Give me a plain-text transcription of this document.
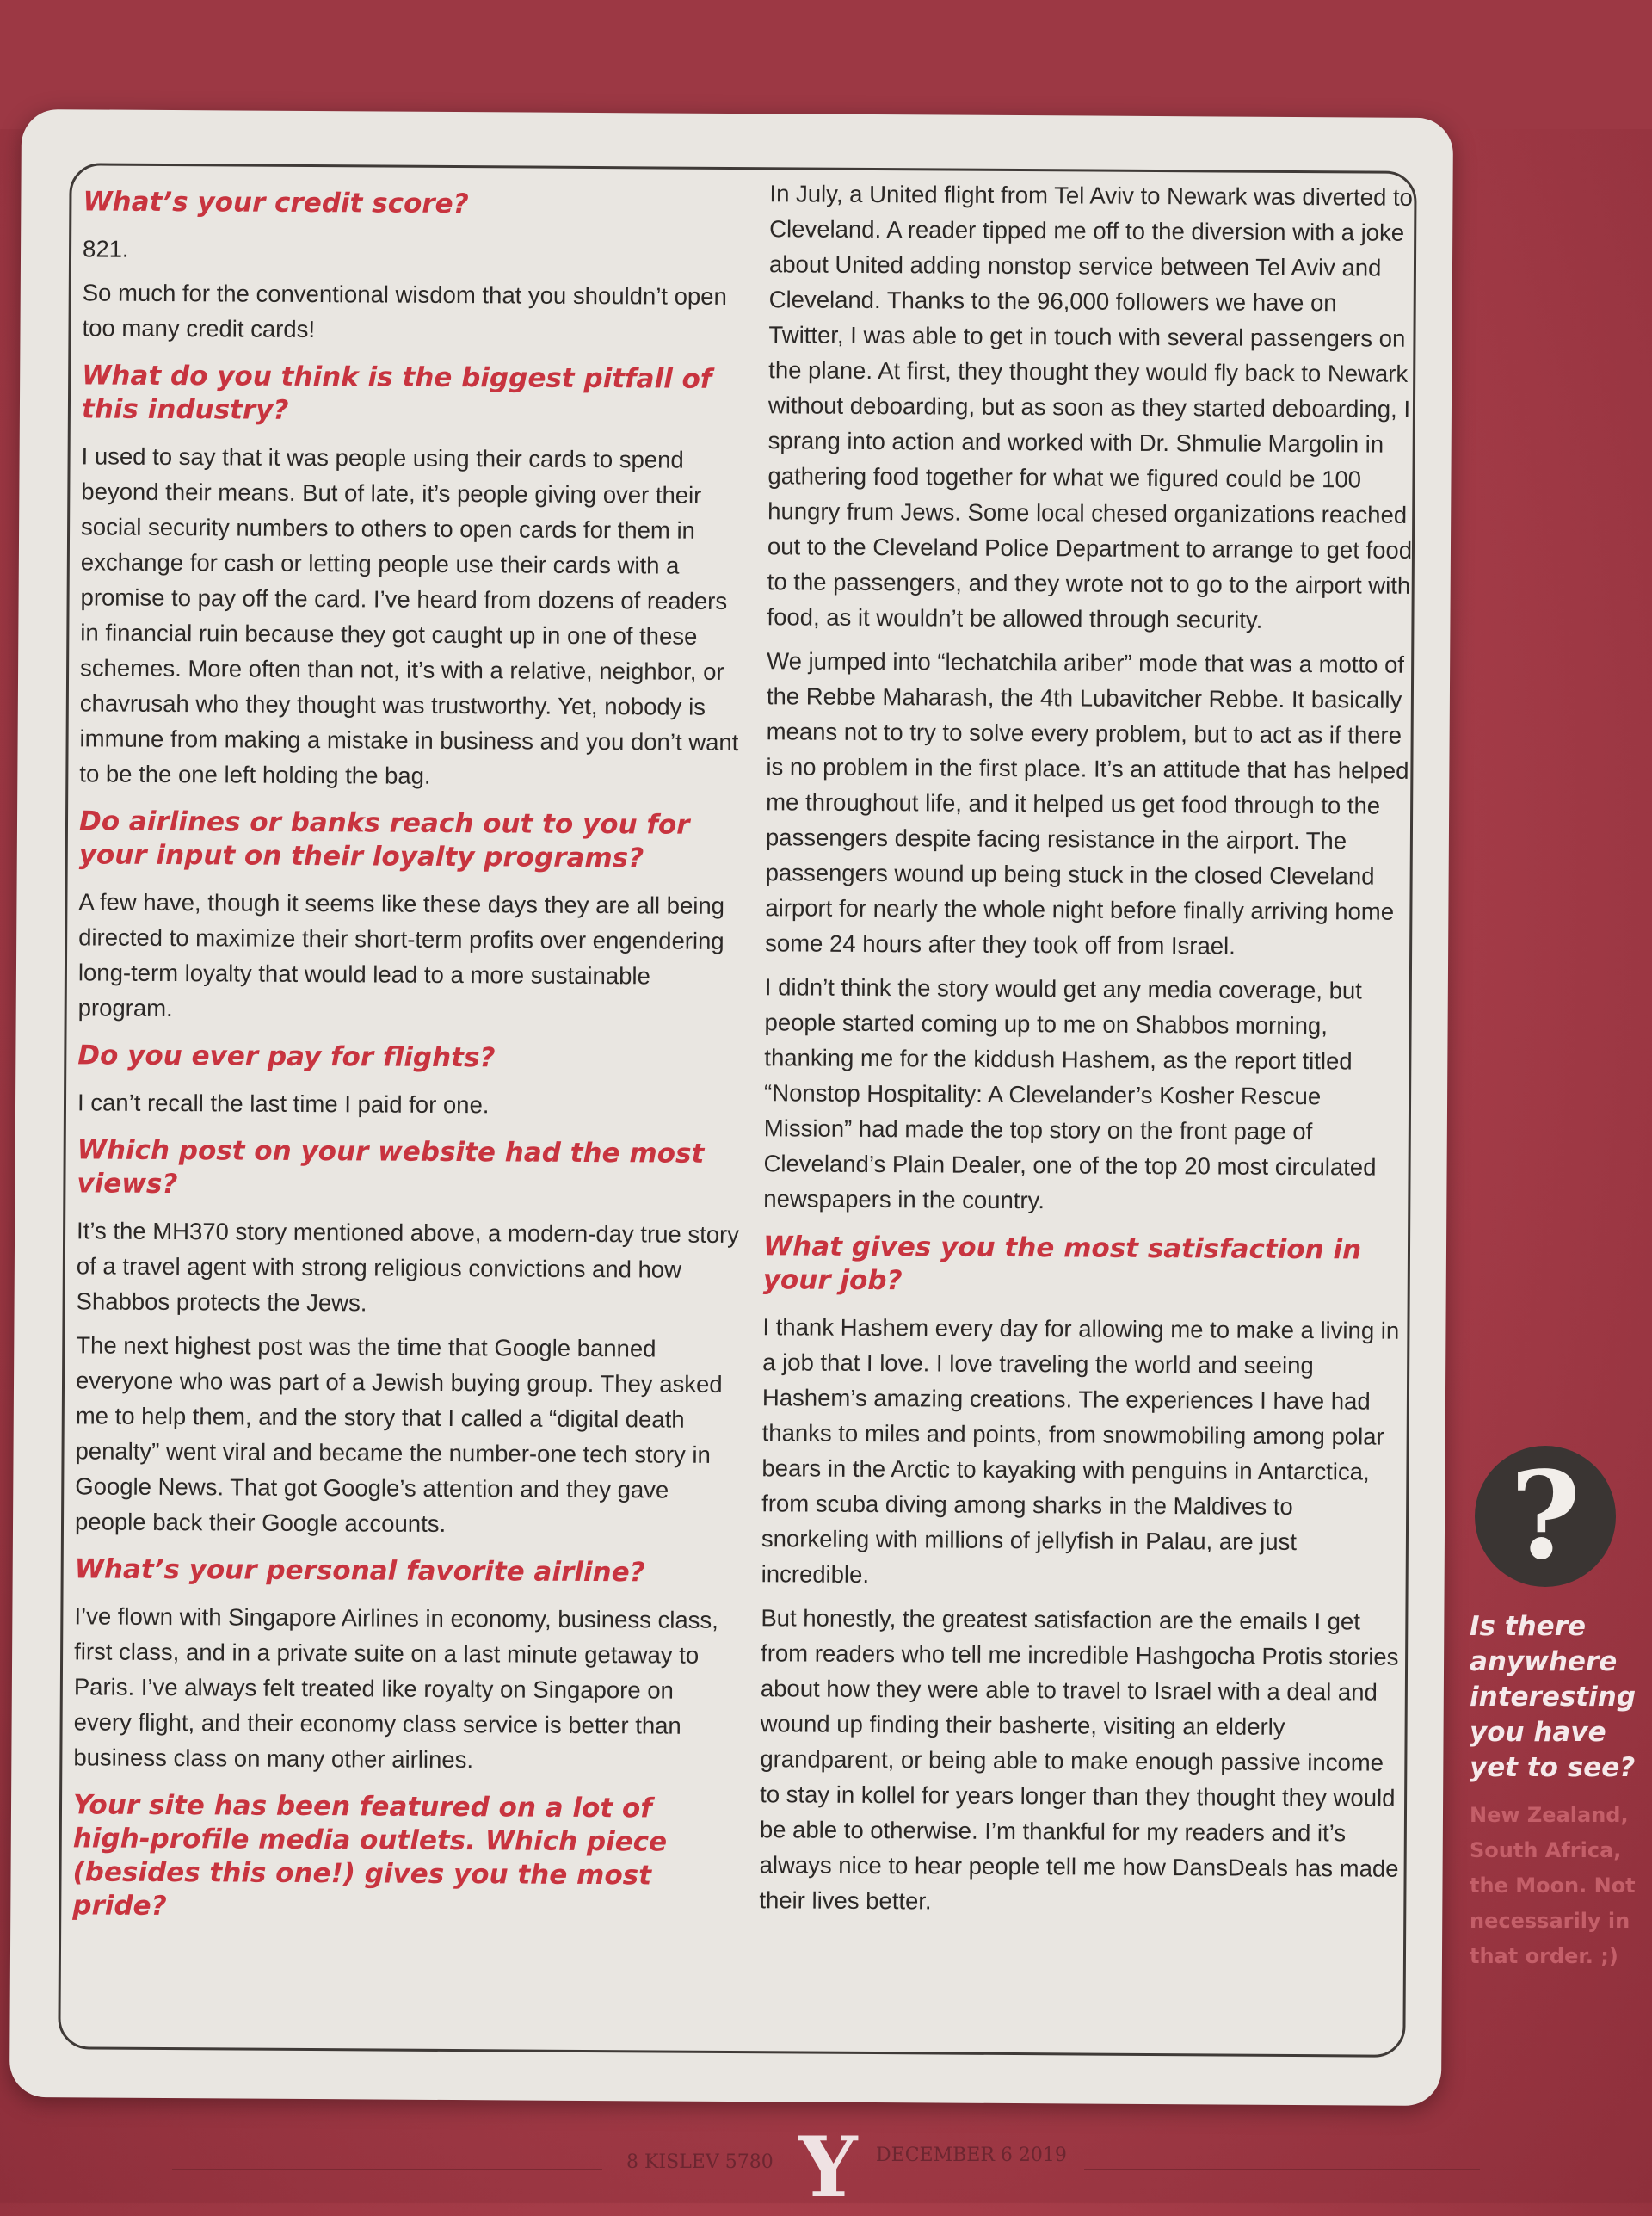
What’s your credit score?
821.
So much for the conventional wisdom that you shouldn’t open too many credit cards!
What do you think is the biggest pitfall of this industry?
I used to say that it was people using their cards to spend beyond their means. But of late, it’s people giving over their social security numbers to others to open cards for them in exchange for cash or letting people use their cards with a promise to pay off the card. I’ve heard from dozens of readers in financial ruin because they got caught up in one of these schemes. More often than not, it’s with a relative, neighbor, or chavrusah who they thought was trustworthy. Yet, nobody is immune from making a mistake in business and you don’t want to be the one left holding the bag.
Do airlines or banks reach out to you for your input on their loyalty programs?
A few have, though it seems like these days they are all being directed to maximize their short-term profits over engendering long-term loyalty that would lead to a more sustainable program.
Do you ever pay for flights?
I can’t recall the last time I paid for one.
Which post on your website had the most views?
It’s the MH370 story mentioned above, a modern-day true story of a travel agent with strong religious convictions and how Shabbos protects the Jews.
The next highest post was the time that Google banned everyone who was part of a Jewish buying group. They asked me to help them, and the story that I called a “digital death penalty” went viral and became the number-one tech story in Google News. That got Google’s attention and they gave people back their Google accounts.
What’s your personal favorite airline?
I’ve flown with Singapore Airlines in economy, business class, first class, and in a private suite on a last minute getaway to Paris. I’ve always felt treated like royalty on Singapore on every flight, and their economy class service is better than business class on many other airlines.
Your site has been featured on a lot of high-profile media outlets. Which piece (besides this one!) gives you the most pride?
In July, a United flight from Tel Aviv to Newark was diverted to Cleveland. A reader tipped me off to the diversion with a joke about United adding nonstop service between Tel Aviv and Cleveland. Thanks to the 96,000 followers we have on Twitter, I was able to get in touch with several passengers on the plane. At first, they thought they would fly back to Newark without deboarding, but as soon as they started deboarding, I sprang into action and worked with Dr. Shmulie Margolin in gathering food together for what we figured could be 100 hungry frum Jews. Some local chesed organizations reached out to the Cleveland Police Department to arrange to get food to the passengers, and they wrote not to go to the airport with food, as it wouldn’t be allowed through security.
We jumped into “lechatchila ariber” mode that was a motto of the Rebbe Maharash, the 4th Lubavitcher Rebbe. It basically means not to try to solve every problem, but to act as if there is no problem in the first place. It’s an attitude that has helped me throughout life, and it helped us get food through to the passengers despite facing resistance in the airport. The passengers wound up being stuck in the closed Cleveland airport for nearly the whole night before finally arriving home some 24 hours after they took off from Israel.
I didn’t think the story would get any media coverage, but people started coming up to me on Shabbos morning, thanking me for the kiddush Hashem, as the report titled “Nonstop Hospitality: A Clevelander’s Kosher Rescue Mission” had made the top story on the front page of Cleveland’s Plain Dealer, one of the top 20 most circulated newspapers in the country.
What gives you the most satisfaction in your job?
I thank Hashem every day for allowing me to make a living in a job that I love. I love traveling the world and seeing Hashem’s amazing creations. The experiences I have had thanks to miles and points, from snowmobiling among polar bears in the Arctic to kayaking with penguins in Antarctica, from scuba diving among sharks in the Maldives to snorkeling with millions of jellyfish in Palau, are just incredible.
But honestly, the greatest satisfaction are the emails I get from readers who tell me incredible Hashgocha Protis stories about how they were able to travel to Israel with a deal and wound up finding their basherte, visiting an elderly grandparent, or being able to make enough passive income to stay in kollel for years longer than they thought they would be able to otherwise. I’m thankful for my readers and it’s always nice to hear people tell me how DansDeals has made their lives better.
?
Is there anywhere interesting you have yet to see?
New Zealand, South Africa, the Moon. Not necessarily in that order. ;)
8 KISLEV 5780 Y DECEMBER 6 2019
